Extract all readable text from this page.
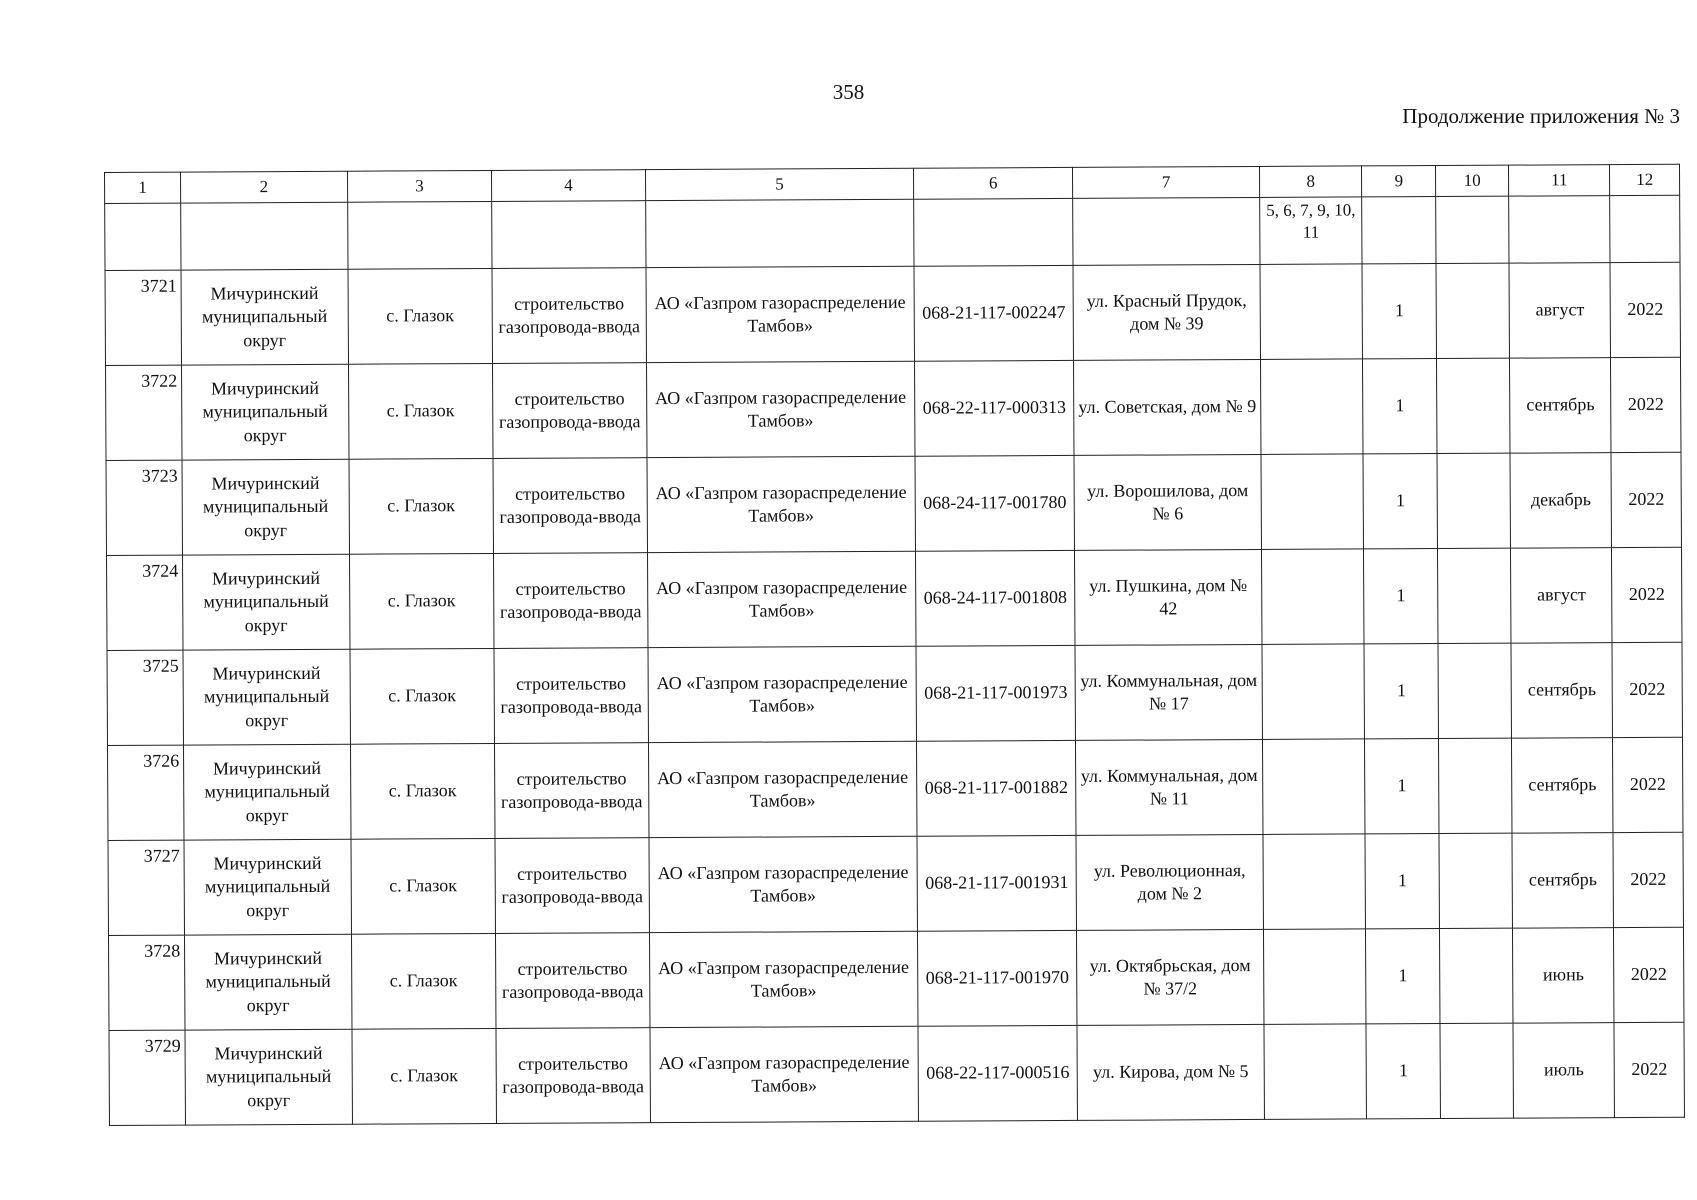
358
Продолжение приложения № 3
1	2	3	4	5	6	7	8	9	10	11	12
							5, 6, 7, 9, 10, 11				
3721	Мичуринский муниципальный округ	с. Глазок	строительство газопровода-ввода	АО «Газпром газораспределение Тамбов»	068-21-117-002247	ул. Красный Прудок, дом № 39		1		август	2022
3722	Мичуринский муниципальный округ	с. Глазок	строительство газопровода-ввода	АО «Газпром газораспределение Тамбов»	068-22-117-000313	ул. Советская, дом № 9		1		сентябрь	2022
3723	Мичуринский муниципальный округ	с. Глазок	строительство газопровода-ввода	АО «Газпром газораспределение Тамбов»	068-24-117-001780	ул. Ворошилова, дом № 6		1		декабрь	2022
3724	Мичуринский муниципальный округ	с. Глазок	строительство газопровода-ввода	АО «Газпром газораспределение Тамбов»	068-24-117-001808	ул. Пушкина, дом № 42		1		август	2022
3725	Мичуринский муниципальный округ	с. Глазок	строительство газопровода-ввода	АО «Газпром газораспределение Тамбов»	068-21-117-001973	ул. Коммунальная, дом № 17		1		сентябрь	2022
3726	Мичуринский муниципальный округ	с. Глазок	строительство газопровода-ввода	АО «Газпром газораспределение Тамбов»	068-21-117-001882	ул. Коммунальная, дом № 11		1		сентябрь	2022
3727	Мичуринский муниципальный округ	с. Глазок	строительство газопровода-ввода	АО «Газпром газораспределение Тамбов»	068-21-117-001931	ул. Революционная, дом № 2		1		сентябрь	2022
3728	Мичуринский муниципальный округ	с. Глазок	строительство газопровода-ввода	АО «Газпром газораспределение Тамбов»	068-21-117-001970	ул. Октябрьская, дом № 37/2		1		июнь	2022
3729	Мичуринский муниципальный округ	с. Глазок	строительство газопровода-ввода	АО «Газпром газораспределение Тамбов»	068-22-117-000516	ул. Кирова, дом № 5		1		июль	2022
